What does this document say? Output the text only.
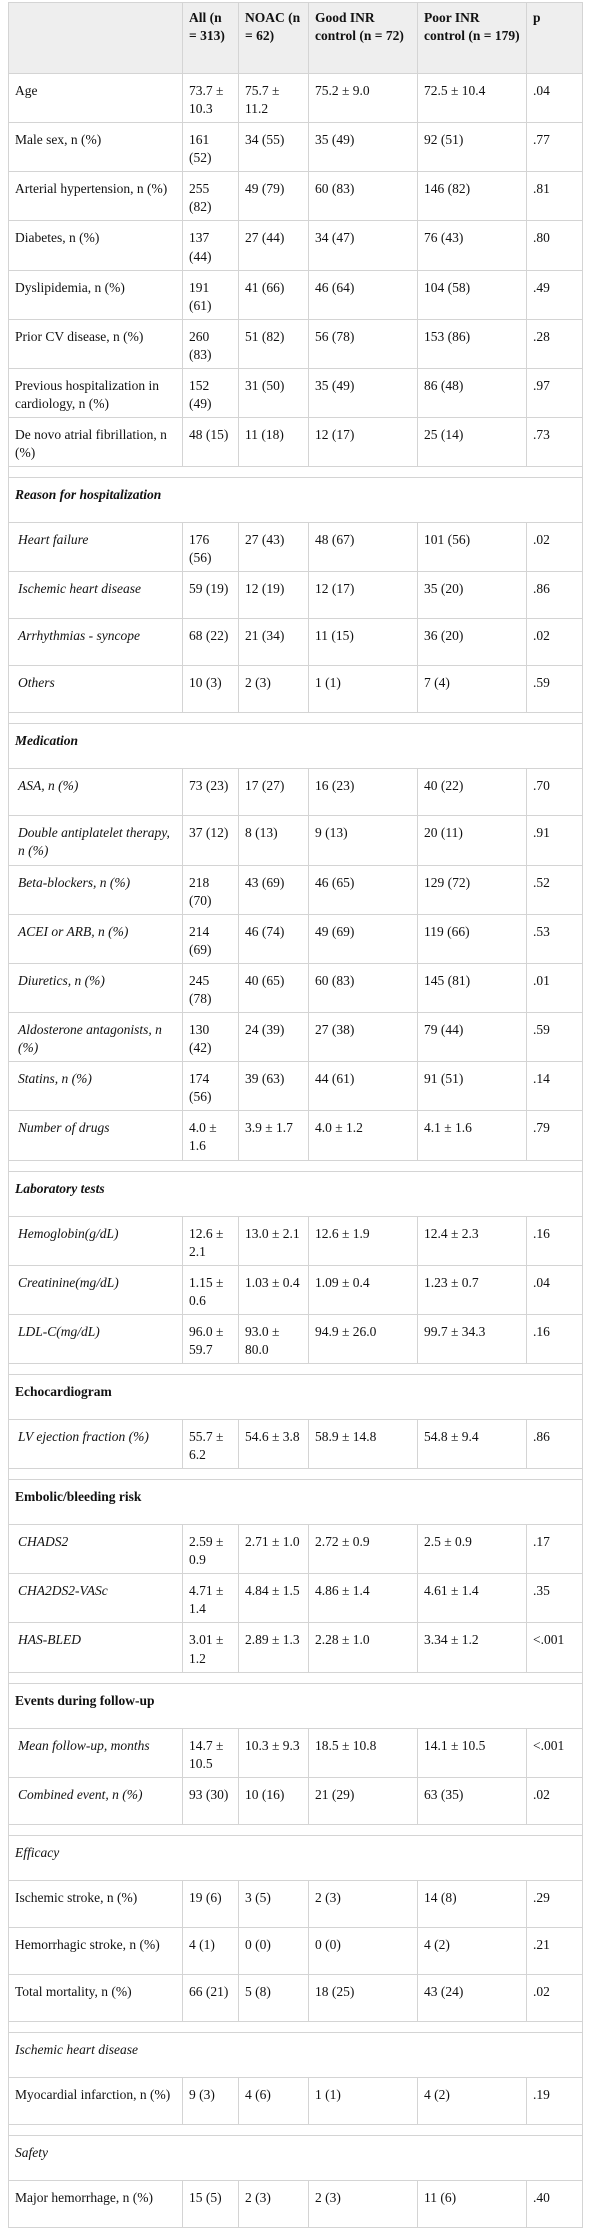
	All (n = 313)	NOAC (n = 62)	Good INR control (n = 72)	Poor INR control (n = 179)	p
Age	73.7 ± 10.3	75.7 ± 11.2	75.2 ± 9.0	72.5 ± 10.4	.04
Male sex, n (%)	161 (52)	34 (55)	35 (49)	92 (51)	.77
Arterial hypertension, n (%)	255 (82)	49 (79)	60 (83)	146 (82)	.81
Diabetes, n (%)	137 (44)	27 (44)	34 (47)	76 (43)	.80
Dyslipidemia, n (%)	191 (61)	41 (66)	46 (64)	104 (58)	.49
Prior CV disease, n (%)	260 (83)	51 (82)	56 (78)	153 (86)	.28
Previous hospitalization in cardiology, n (%)	152 (49)	31 (50)	35 (49)	86 (48)	.97
De novo atrial fibrillation, n (%)	48 (15)	11 (18)	12 (17)	25 (14)	.73

Reason for hospitalization					
Heart failure	176 (56)	27 (43)	48 (67)	101 (56)	.02
Ischemic heart disease	59 (19)	12 (19)	12 (17)	35 (20)	.86
Arrhythmias - syncope	68 (22)	21 (34)	11 (15)	36 (20)	.02
Others	10 (3)	2 (3)	1 (1)	7 (4)	.59

Medication					
ASA, n (%)	73 (23)	17 (27)	16 (23)	40 (22)	.70
Double antiplatelet therapy, n (%)	37 (12)	8 (13)	9 (13)	20 (11)	.91
Beta-blockers, n (%)	218 (70)	43 (69)	46 (65)	129 (72)	.52
ACEI or ARB, n (%)	214 (69)	46 (74)	49 (69)	119 (66)	.53
Diuretics, n (%)	245 (78)	40 (65)	60 (83)	145 (81)	.01
Aldosterone antagonists, n (%)	130 (42)	24 (39)	27 (38)	79 (44)	.59
Statins, n (%)	174 (56)	39 (63)	44 (61)	91 (51)	.14
Number of drugs	4.0 ± 1.6	3.9 ± 1.7	4.0 ± 1.2	4.1 ± 1.6	.79

Laboratory tests					
Hemoglobin(g/dL)	12.6 ± 2.1	13.0 ± 2.1	12.6 ± 1.9	12.4 ± 2.3	.16
Creatinine(mg/dL)	1.15 ± 0.6	1.03 ± 0.4	1.09 ± 0.4	1.23 ± 0.7	.04
LDL-C(mg/dL)	96.0 ± 59.7	93.0 ± 80.0	94.9 ± 26.0	99.7 ± 34.3	.16

Echocardiogram					
LV ejection fraction (%)	55.7 ± 6.2	54.6 ± 3.8	58.9 ± 14.8	54.8 ± 9.4	.86

Embolic/bleeding risk					
CHADS2	2.59 ± 0.9	2.71 ± 1.0	2.72 ± 0.9	2.5 ± 0.9	.17
CHA2DS2-VASc	4.71 ± 1.4	4.84 ± 1.5	4.86 ± 1.4	4.61 ± 1.4	.35
HAS-BLED	3.01 ± 1.2	2.89 ± 1.3	2.28 ± 1.0	3.34 ± 1.2	<.001

Events during follow-up					
Mean follow-up, months	14.7 ± 10.5	10.3 ± 9.3	18.5 ± 10.8	14.1 ± 10.5	<.001
Combined event, n (%)	93 (30)	10 (16)	21 (29)	63 (35)	.02

Efficacy					
Ischemic stroke, n (%)	19 (6)	3 (5)	2 (3)	14 (8)	.29
Hemorrhagic stroke, n (%)	4 (1)	0 (0)	0 (0)	4 (2)	.21
Total mortality, n (%)	66 (21)	5 (8)	18 (25)	43 (24)	.02

Ischemic heart disease					
Myocardial infarction, n (%)	9 (3)	4 (6)	1 (1)	4 (2)	.19

Safety					
Major hemorrhage, n (%)	15 (5)	2 (3)	2 (3)	11 (6)	.40
